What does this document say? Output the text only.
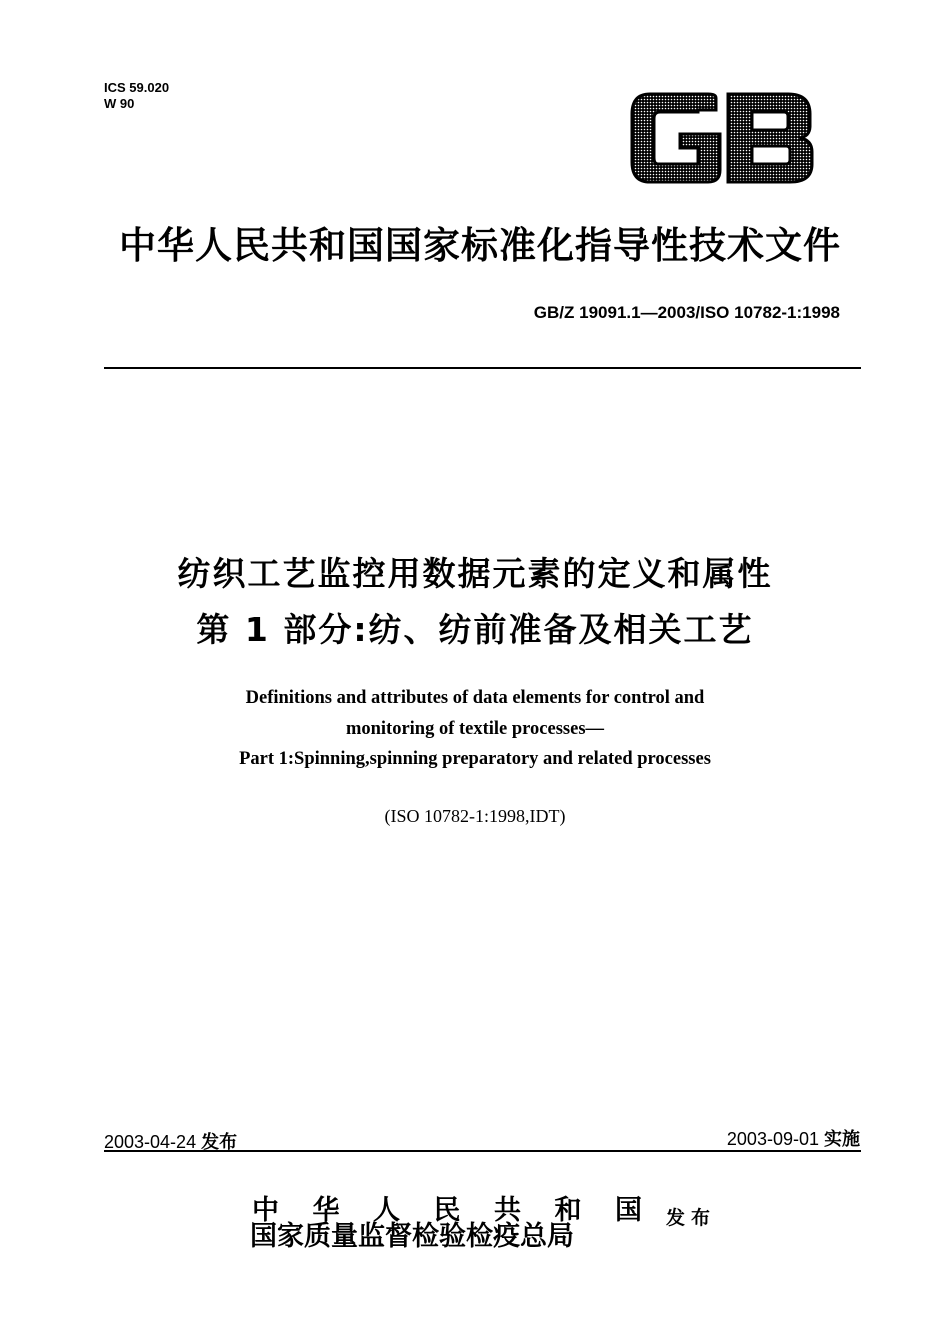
ICS 59.020
W 90
中华人民共和国国家标准化指导性技术文件
GB/Z 19091.1—2003/ISO 10782-1:1998
纺织工艺监控用数据元素的定义和属性
第 1 部分:纺、纺前准备及相关工艺
Definitions and attributes of data elements for control and
monitoring of textile processes—
Part 1:Spinning,spinning preparatory and related processes
(ISO 10782-1:1998,IDT)
2003-04-24 发布	2003-09-01 实施
中 华 人 民 共 和 国
国家质量监督检验检疫总局
发布
